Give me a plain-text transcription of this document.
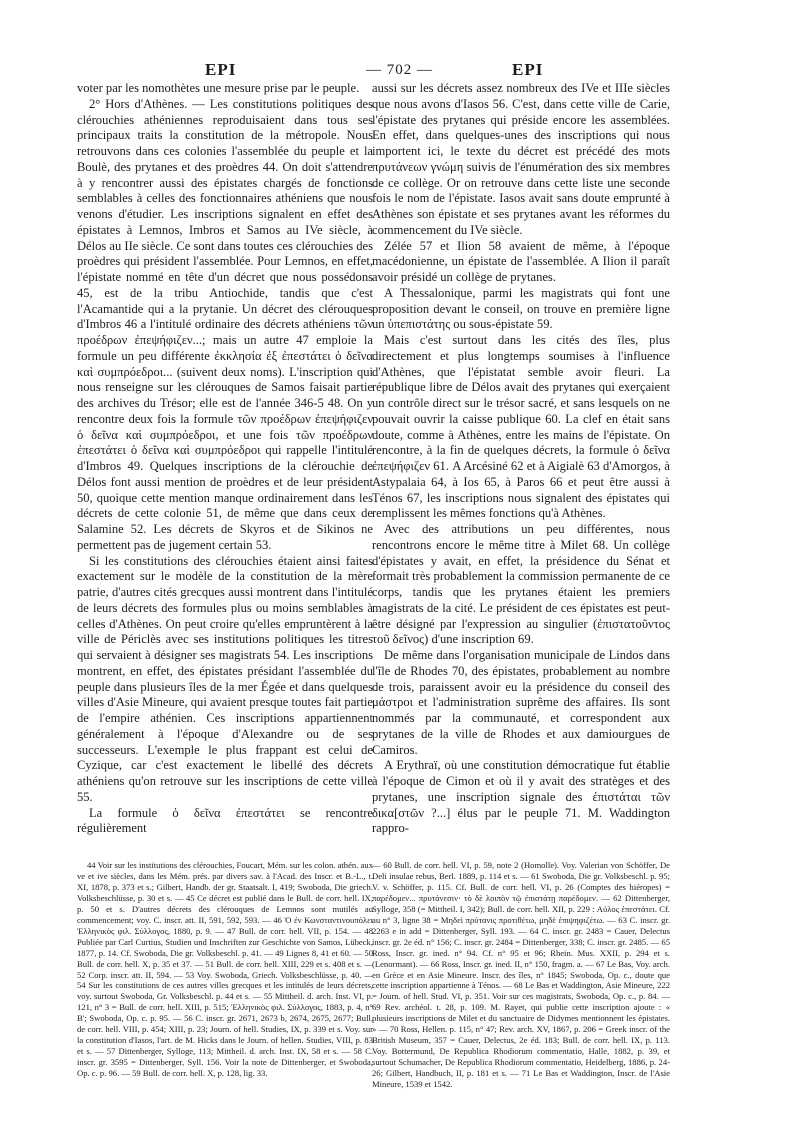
EPI	— 702 —	EPI

voter par les nomothètes une mesure prise par le peuple.

2° Hors d'Athènes. — Les constitutions politiques des clérouchies athéniennes reproduisaient dans tous ses principaux traits la constitution de la métropole. Nous retrouvons dans ces colonies l'assemblée du peuple et la Boulè, des prytanes et des proèdres 44. On doit s'attendre à y rencontrer aussi des épistates chargés de fonctions semblables à celles des fonctionnaires athéniens que nous venons d'étudier. Les inscriptions signalent en effet des épistates à Lemnos, Imbros et Samos au IVe siècle, à Délos au IIe siècle. Ce sont dans toutes ces clérouchies des proèdres qui président l'assemblée. Pour Lemnos, en effet, l'épistate nommé en tête d'un décret que nous possédons 45, est de la tribu Antiochide, tandis que c'est l'Acamantide qui a la prytanie. Un décret des clérouques d'Imbros 46 a l'intitulé ordinaire des décrets athéniens τῶν προέδρων ἐπεψήφιζεν...; mais un autre 47 emploie la formule un peu différente ἐκκλησία ἐξ ἐπεστάτει ὁ δεῖνα καὶ συμπρόεδροι... (suivent deux noms). L'inscription qui nous renseigne sur les clérouques de Samos faisait partie des archives du Trésor; elle est de l'année 346-5 48. On y rencontre deux fois la formule τῶν προέδρων ἐπεψήφιζεν ὁ δεῖνα καὶ συμπρόεδροι, et une fois τῶν προέδρων ἐπεστάτει ὁ δεῖνα καὶ συμπρόεδροι qui rappelle l'intitulé d'Imbros 49. Quelques inscriptions de la clérouchie de Délos font aussi mention de proèdres et de leur président 50, quoique cette mention manque ordinairement dans les décrets de cette colonie 51, de même que dans ceux de Salamine 52. Les décrets de Skyros et de Sikinos ne permettent pas de jugement certain 53.

Si les constitutions des clérouchies étaient ainsi faites exactement sur le modèle de la constitution de la mère patrie, d'autres cités grecques aussi montrent dans l'intitulé de leurs décrets des formules plus ou moins semblables à celles d'Athènes. On peut croire qu'elles empruntèrent à la ville de Périclès avec ses institutions politiques les titres qui servaient à désigner ses magistrats 54. Les inscriptions montrent, en effet, des épistates présidant l'assemblée du peuple dans plusieurs îles de la mer Égée et dans quelques villes d'Asie Mineure, qui avaient presque toutes fait partie de l'empire athénien. Ces inscriptions appartiennent généralement à l'époque d'Alexandre ou de ses successeurs. L'exemple le plus frappant est celui de Cyzique, car c'est exactement le libellé des décrets athéniens qu'on retrouve sur les inscriptions de cette ville 55.

La formule ὁ δεῖνα ἐπεστάτει se rencontre régulièrement

aussi sur les décrets assez nombreux des IVe et IIIe siècles que nous avons d'Iasos 56. C'est, dans cette ville de Carie, l'épistate des prytanes qui préside encore les assemblées. En effet, dans quelques-unes des inscriptions qui nous importent ici, le texte du décret est précédé des mots πρυτάνεων γνώμη suivis de l'énumération des six membres de ce collège. Or on retrouve dans cette liste une seconde fois le nom de l'épistate. Iasos avait sans doute emprunté à Athènes son épistate et ses prytanes avant les réformes du commencement du IVe siècle.

Zélée 57 et Ilion 58 avaient de même, à l'époque macédonienne, un épistate de l'assemblée. A Ilion il paraît avoir présidé un collège de prytanes.

A Thessalonique, parmi les magistrats qui font une proposition devant le conseil, on trouve en première ligne un ὑπεπιστάτης ou sous-épistate 59.

Mais c'est surtout dans les cités des îles, plus directement et plus longtemps soumises à l'influence d'Athènes, que l'épistatat semble avoir fleuri. La république libre de Délos avait des prytanes qui exerçaient un contrôle direct sur le trésor sacré, et sans lesquels on ne pouvait ouvrir la caisse publique 60. La clef en était sans doute, comme à Athènes, entre les mains de l'épistate. On rencontre, à la fin de quelques décrets, la formule ὁ δεῖνα ἐπεψήφιζεν 61. A Arcésiné 62 et à Aigialè 63 d'Amorgos, à Astypalaia 64, à Ios 65, à Paros 66 et peut être aussi à Ténos 67, les inscriptions nous signalent des épistates qui remplissent les mêmes fonctions qu'à Athènes.

Avec des attributions un peu différentes, nous rencontrons encore le même titre à Milet 68. Un collège d'épistates y avait, en effet, la présidence du Sénat et formait très probablement la commission permanente de ce corps, tandis que les prytanes étaient les premiers magistrats de la cité. Le président de ces épistates est peut-être désigné par l'expression au singulier (ἐπιστατοῦντος τοῦ δεῖνος) d'une inscription 69.

De même dans l'organisation municipale de Lindos dans l'île de Rhodes 70, des épistates, probablement au nombre de trois, paraissent avoir eu la présidence du conseil des μάστροι et l'administration suprême des affaires. Ils sont nommés par la communauté, et correspondent aux prytanes de la ville de Rhodes et aux damiourgues de Camiros.

A Erythraï, où une constitution démocratique fut établie à l'époque de Cimon et où il y avait des stratèges et des prytanes, une inscription signale des ἐπιστάται τῶν δικα[στῶν ?...] élus par le peuple 71. M. Waddington rappro-

44 Voir sur les institutions des clérouchies, Foucart, Mém. sur les colon. athén. aux ve et ive siècles, dans les Mém. prés. par divers sav. à l'Acad. des Inscr. et B.-L., t. XI, 1878, p. 373 et s.; Gilbert, Handb. der gr. Staatsalt. I, 419; Swoboda, Die griech. Volksbeschlüsse, p. 30 et s. — 45 Ce décret est publié dans le Bull. de corr. hell. IX, p. 50 et s. D'autres décrets des clérouques de Lemnos sont mutilés au commencement; voy. C. inscr. att. II, 591, 592, 593. — 46 Ὁ ἐν Κωνσταντινουπόλει Ἑλληνικὸς φιλ. Σύλλογος, 1880, p. 9. — 47 Bull. de corr. hell. VII, p. 154. — 48 Publiée par Carl Curtius, Studien und Inschriften zur Geschichte von Samos, Lübeck, 1877, p. 14. Cf. Swoboda, Die gr. Volksbeschl. p. 41. — 49 Lignes 8, 41 et 60. — 50 Bull. de corr. hell. X, p. 35 et 37. — 51 Bull. de corr. hell. XIII, 229 et s. 408 et s. — 52 Corp. inscr. att. II, 594. — 53 Voy. Swoboda, Griech. Volksbeschlüsse, p. 40. — 54 Sur les constitutions de ces autres villes grecques et les intitulés de leurs décrets, voy. surtout Swoboda, Gr. Volksbeschl. p. 44 et s. — 55 Mittheil. d. arch. Inst. VI, p. 121, n° 3 = Bull. de corr. hell. XIII, p. 515; Ἑλληνικὸς φιλ. Σύλλογος, 1883, p. 4, n° B'; Swoboda, Op. c. p. 95. — 56 C. inscr. gr. 2671, 2673 b, 2674, 2675, 2677; Bull. de corr. hell. VIII, p. 454; XIII, p. 23; Journ. of hell. Studies, IX, p. 339 et s. Voy. sur la constitution d'Iasos, l'art. de M. Hicks dans le Journ. of hellen. Studies, VIII, p. 83 et s. — 57 Dittenberger, Sylloge, 113; Mittheil. d. arch. Inst. IX, 58 et s. — 58 C. inscr. gr. 3595 = Dittenberger, Syll. 156. Voir la note de Dittenberger, et Swoboda, Op. c. p. 96. — 59 Bull. de corr. hell. X, p. 128, lig. 33.

— 60 Bull. de corr. hell. VI, p. 59, note 2 (Homolle). Voy. Valerian von Schöffer, De Deli insulae rebus, Berl. 1889, p. 114 et s. — 61 Swoboda, Die gr. Volksbeschl. p. 95; V. v. Schöffer, p. 115. Cf. Bull. de corr. hell. VI, p. 26 (Comptes des hiéropes) = παρέδομεν... πρυτάνεσιν· τὸ δὲ λοιπὸν τῷ ἐπιστάτῃ παρέδομεν. — 62 Dittenberger, Sylloge, 358 (= Mittheil. I, 342); Bull. de corr. hell. XII, p. 229 : Αὐλος ἐπεστάτει. Cf. au n° 3, ligne 38 = Μηδεὶ πρύτανις προτιθέτω, μηδὲ ἐπιψηφιζέτω. — 63 C. inscr. gr. 2263 e in add = Dittenberger, Syll. 193. — 64 C. inscr. gr. 2483 = Cauer, Delectus inscr. gr. 2e éd. n° 156; C. inscr. gr. 2484 = Dittenberger, 338; C. inscr. gr. 2485. — 65 Ross, Inscr. gr. ined. n° 94. Cf. n° 95 et 96; Rhein. Mus. XXII, p. 294 et s. (Lenormant). — 66 Ross, Inscr. gr. ined. II, n° 150, fragm. a. — 67 Le Bas, Voy. arch. en Grèce et en Asie Mineure. Inscr. des îles, n° 1845; Swoboda, Op. c., doute que cette inscription appartienne à Ténos. — 68 Le Bas et Waddington, Asie Mineure, 222 = Journ. of hell. Stud. VI, p. 351. Voir sur ces magistrats, Swoboda, Op. c., p. 84. — 69 Rev. archéol. t. 28, p. 109. M. Rayet, qui publie cette inscription ajoute : « plusieurs inscriptions de Milet et du sanctuaire de Didymes mentionnent les épistates. » — 70 Ross, Hellen. p. 115, n° 47; Rev. arch. XV, 1867, p. 206 = Greek inscr. of the British Museum, 357 = Cauer, Delectus, 2e éd. 183; Bull. de corr. hell. IX, p. 113. Voy. Bottermund, De Republica Rhodiorum commentatio, Halle, 1882, p. 39, et surtout Schumacher, De Republica Rhodiorum commentatio, Heidelberg, 1886, p. 24-26; Gilbert, Handbuch, II, p. 181 et s. — 71 Le Bas et Waddington, Inscr. de l'Asie Mineure, 1539 et 1542.
